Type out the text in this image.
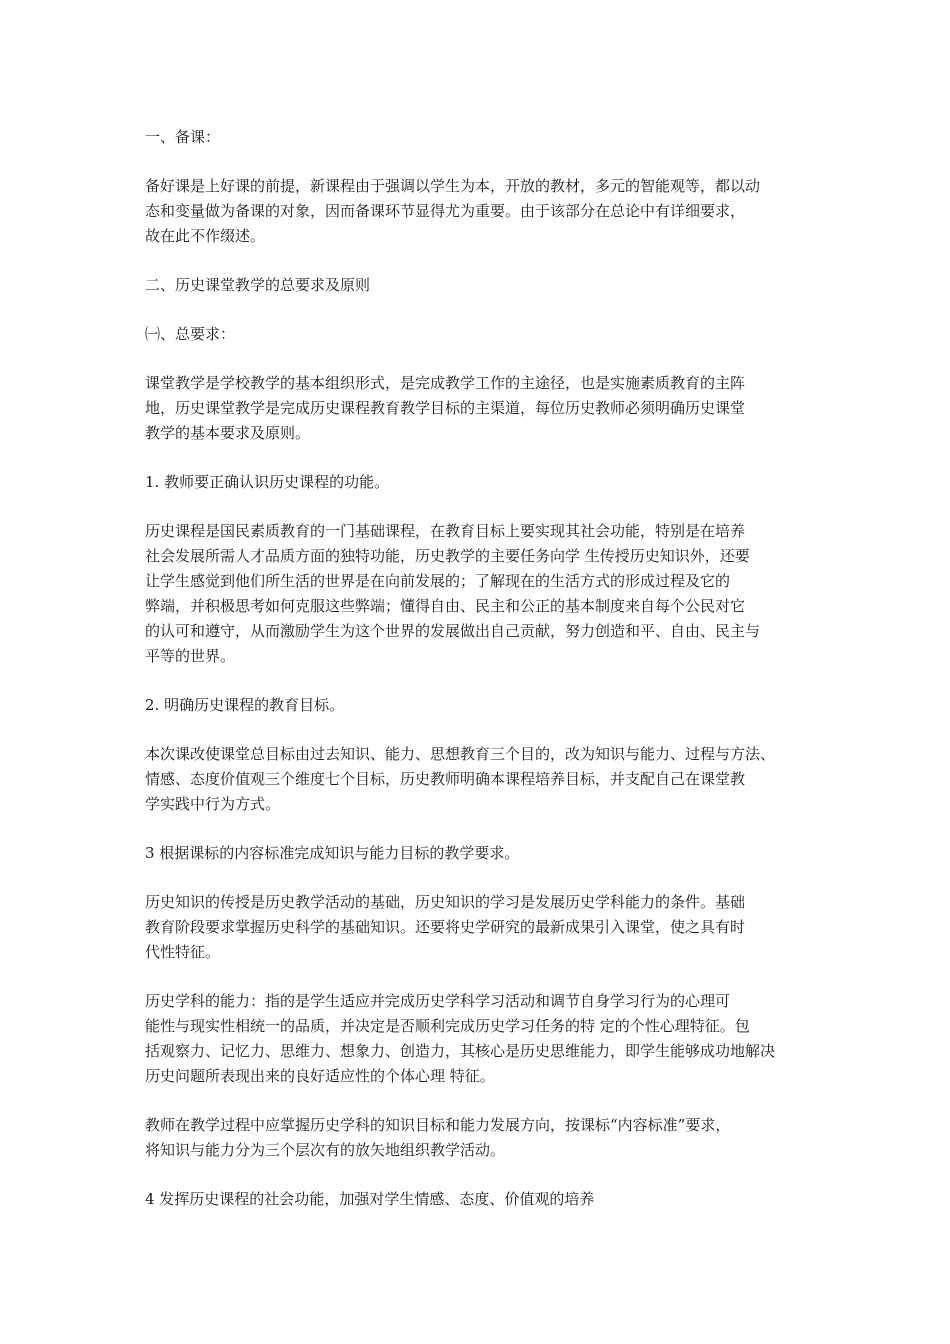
一、备课：
备好课是上好课的前提，新课程由于强调以学生为本，开放的教材，多元的智能观等，都以动
态和变量做为备课的对象，因而备课环节显得尤为重要。由于该部分在总论中有详细要求，
故在此不作缀述。
二、历史课堂教学的总要求及原则
㈠、总要求：
课堂教学是学校教学的基本组织形式，是完成教学工作的主途径，也是实施素质教育的主阵
地，历史课堂教学是完成历史课程教育教学目标的主渠道，每位历史教师必须明确历史课堂
教学的基本要求及原则。
1. 教师要正确认识历史课程的功能。
历史课程是国民素质教育的一门基础课程，在教育目标上要实现其社会功能，特别是在培养
社会发展所需人才品质方面的独特功能，历史教学的主要任务向学 生传授历史知识外，还要
让学生感觉到他们所生活的世界是在向前发展的；了解现在的生活方式的形成过程及它的
弊端，并积极思考如何克服这些弊端；懂得自由、民主和公正的基本制度来自每个公民对它
的认可和遵守，从而激励学生为这个世界的发展做出自己贡献，努力创造和平、自由、民主与
平等的世界。
2. 明确历史课程的教育目标。
本次课改使课堂总目标由过去知识、能力、思想教育三个目的，改为知识与能力、过程与方法、
情感、态度价值观三个维度七个目标，历史教师明确本课程培养目标，并支配自己在课堂教
学实践中行为方式。
3 根据课标的内容标准完成知识与能力目标的教学要求。
历史知识的传授是历史教学活动的基础，历史知识的学习是发展历史学科能力的条件。基础
教育阶段要求掌握历史科学的基础知识。还要将史学研究的最新成果引入课堂，使之具有时
代性特征。
历史学科的能力：指的是学生适应并完成历史学科学习活动和调节自身学习行为的心理可
能性与现实性相统一的品质，并决定是否顺利完成历史学习任务的特 定的个性心理特征。包
括观察力、记忆力、思维力、想象力、创造力，其核心是历史思维能力，即学生能够成功地解决
历史问题所表现出来的良好适应性的个体心理 特征。
教师在教学过程中应掌握历史学科的知识目标和能力发展方向，按课标“内容标准”要求，
将知识与能力分为三个层次有的放矢地组织教学活动。
4 发挥历史课程的社会功能，加强对学生情感、态度、价值观的培养
